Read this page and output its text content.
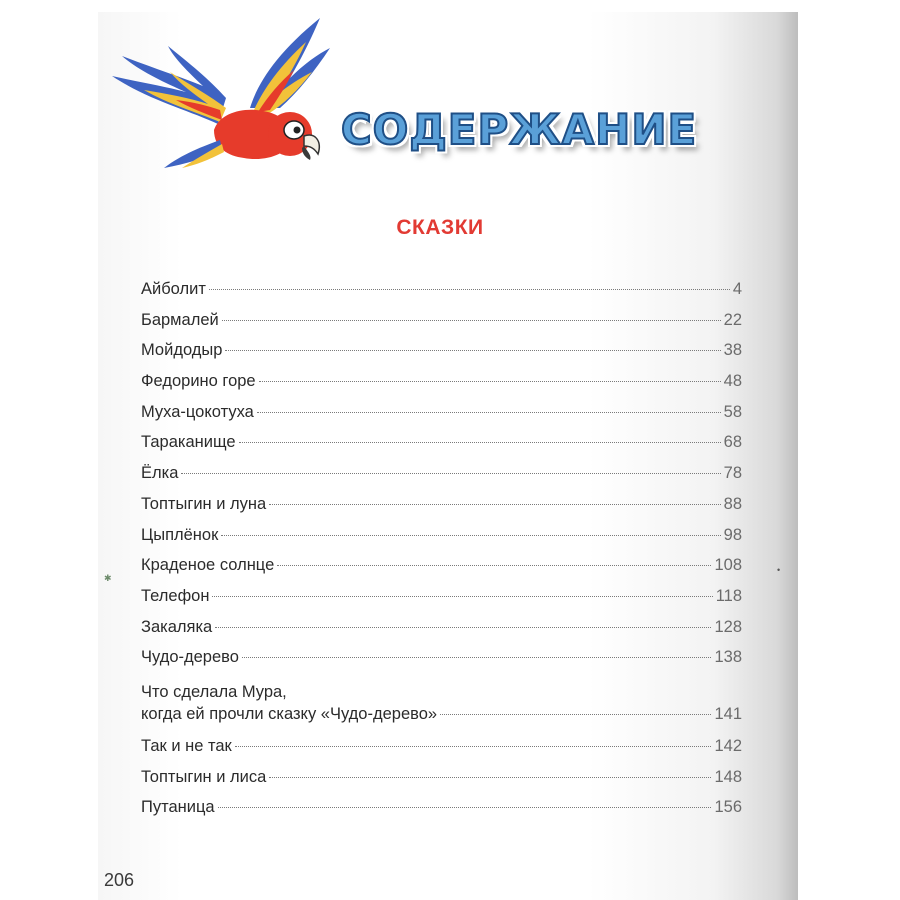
СОДЕРЖАНИЕ
СКАЗКИ
Айболит	4
Бармалей	22
Мойдодыр	38
Федорино горе	48
Муха-цокотуха	58
Тараканище	68
Ёлка	78
Топтыгин и луна	88
Цыплёнок	98
Краденое солнце	108
Телефон	118
Закаляка	128
Чудо-дерево	138
Что сделала Мура,
когда ей прочли сказку «Чудо-дерево»	141
Так и не так	142
Топтыгин и лиса	148
Путаница	156
✱
•
206
